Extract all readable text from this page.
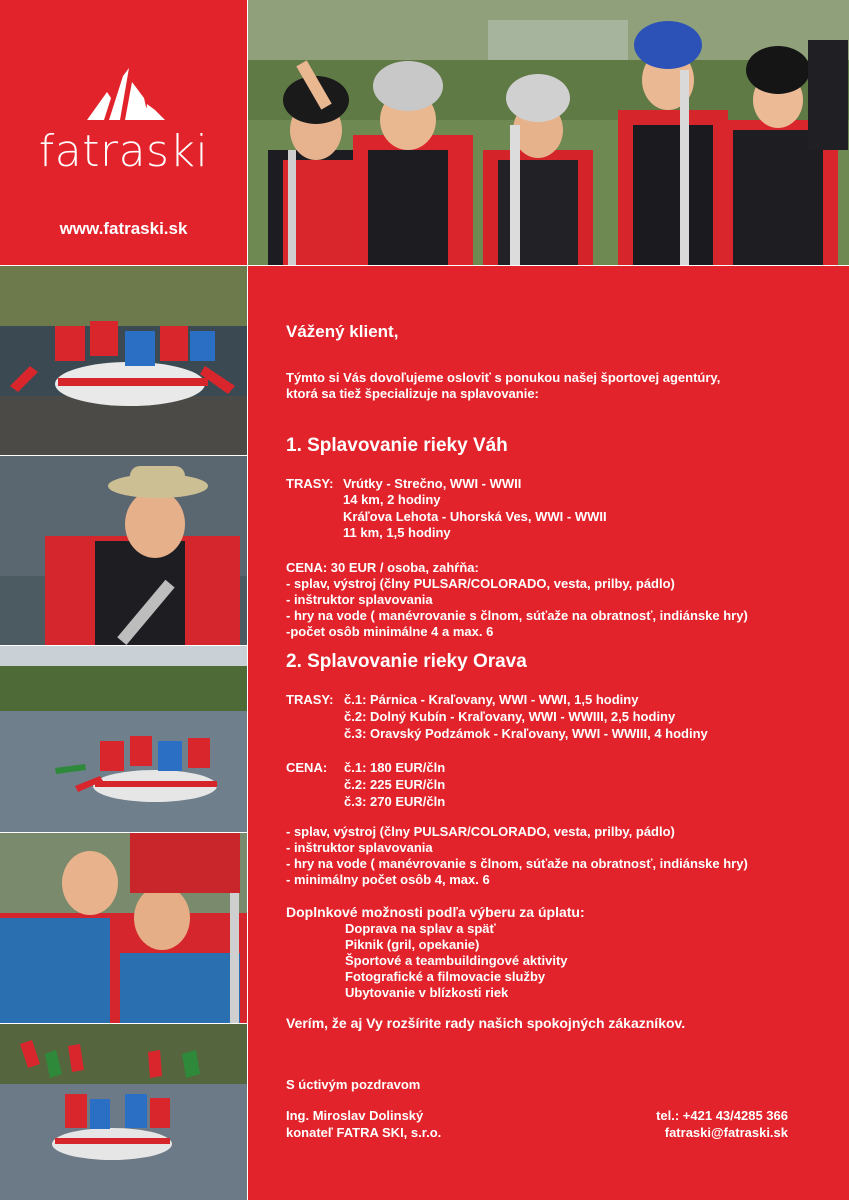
fatraski
www.fatraski.sk
Vážený klient,
Týmto si Vás dovoľujeme osloviť s ponukou našej športovej agentúry,
ktorá sa tiež špecializuje na splavovanie:
1. Splavovanie rieky Váh
TRASY: Vrútky - Strečno, WWI - WWII
14 km, 2 hodiny
Kráľova Lehota - Uhorská Ves, WWI - WWII
11 km, 1,5 hodiny
CENA: 30 EUR / osoba, zahŕňa:
- splav, výstroj (člny PULSAR/COLORADO, vesta, prilby, pádlo)
- inštruktor splavovania
- hry na vode ( manévrovanie s člnom, súťaže na obratnosť, indiánske hry)
-počet osôb minimálne 4 a max. 6
2. Splavovanie rieky Orava
TRASY: č.1: Párnica - Kraľovany, WWI - WWI, 1,5 hodiny
č.2: Dolný Kubín - Kraľovany, WWI - WWIII, 2,5 hodiny
č.3: Oravský Podzámok - Kraľovany, WWI - WWIII, 4 hodiny
CENA: č.1: 180 EUR/čln
č.2: 225 EUR/čln
č.3: 270 EUR/čln
- splav, výstroj (člny PULSAR/COLORADO, vesta, prilby, pádlo)
- inštruktor splavovania
- hry na vode ( manévrovanie s člnom, súťaže na obratnosť, indiánske hry)
- minimálny počet osôb 4, max. 6
Doplnkové možnosti podľa výberu za úplatu:
Doprava na splav a späť
Piknik (gril, opekanie)
Športové a teambuildingové aktivity
Fotografické a filmovacie služby
Ubytovanie v blízkosti riek
Verím, že aj Vy rozšírite rady našich spokojných zákazníkov.
S úctivým pozdravom
Ing. Miroslav Dolinský
konateľ FATRA SKI, s.r.o.
tel.: +421 43/4285 366
fatraski@fatraski.sk
